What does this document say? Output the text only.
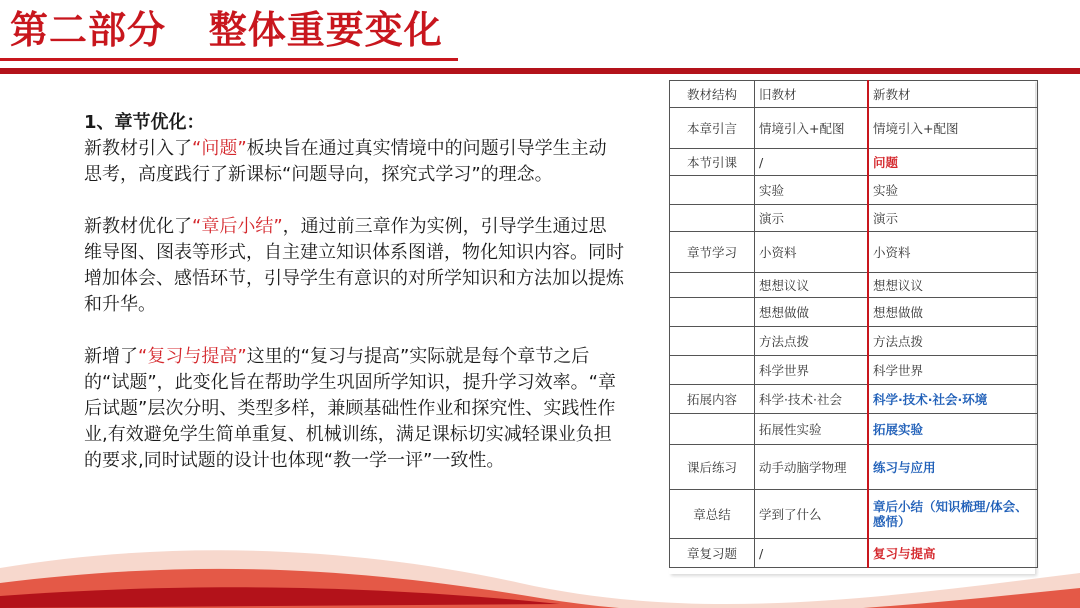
第二部分   整体重要变化

1、章节优化：

新教材引入了“问题”板块旨在通过真实情境中的问题引导学生主动思考，高度践行了新课标“问题导向，探究式学习”的理念。

新教材优化了“章后小结”，通过前三章作为实例，引导学生通过思维导图、图表等形式，自主建立知识体系图谱，物化知识内容。同时增加体会、感悟环节，引导学生有意识的对所学知识和方法加以提炼和升华。

新增了“复习与提高”这里的“复习与提高”实际就是每个章节之后的“试题”，此变化旨在帮助学生巩固所学知识，提升学习效率。“章后试题”层次分明、类型多样，兼顾基础性作业和探究性、实践性作业,有效避免学生简单重复、机械训练，满足课标切实减轻课业负担的要求,同时试题的设计也体现“教一学一评”一致性。

教材结构	旧教材	新教材
本章引言	情境引入+配图	情境引入+配图
本节引课	/	问题
	实验	实验
	演示	演示
章节学习	小资料	小资料
	想想议议	想想议议
	想想做做	想想做做
	方法点拨	方法点拨
	科学世界	科学世界
拓展内容	科学·技术·社会	科学·技术·社会·环境
	拓展性实验	拓展实验
课后练习	动手动脑学物理	练习与应用
章总结	学到了什么	章后小结（知识梳理/体会、感悟）
章复习题	/	复习与提高
